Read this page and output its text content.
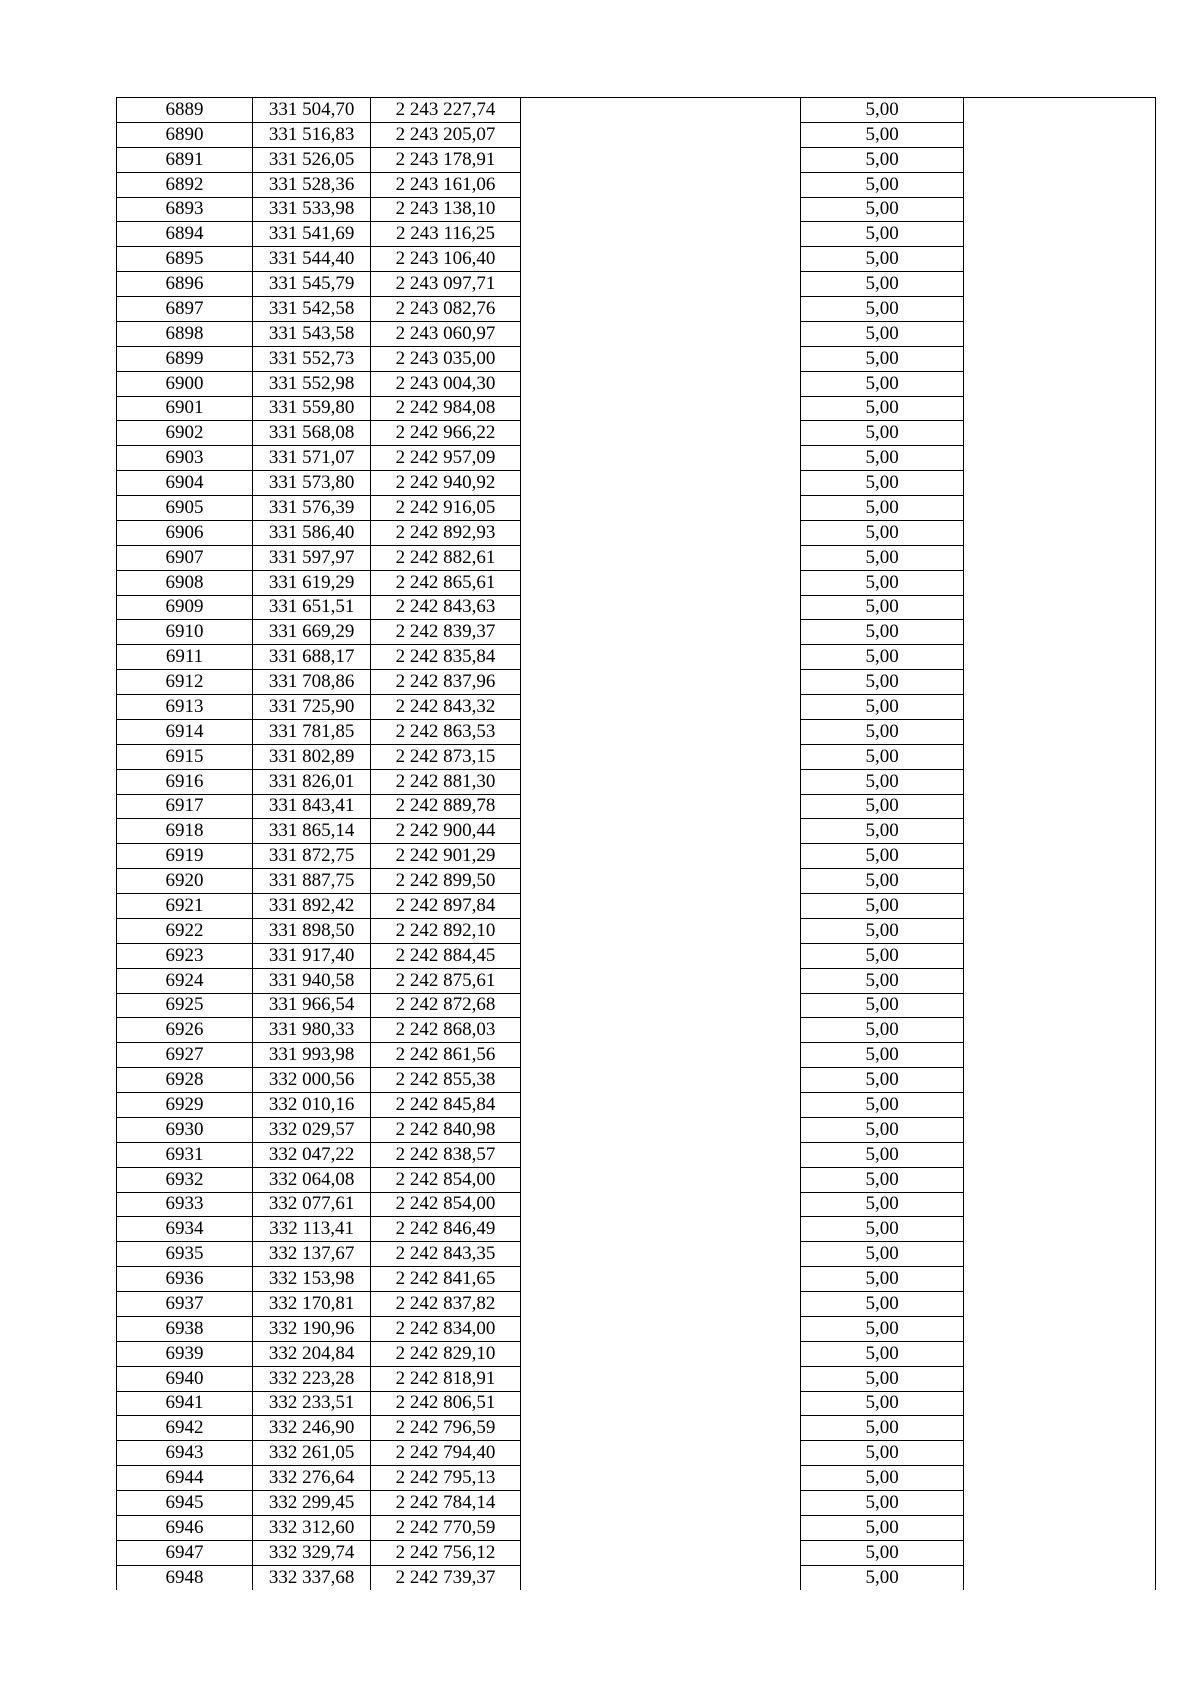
6889	331 504,70	2 243 227,74		5,00	
6890	331 516,83	2 243 205,07		5,00	
6891	331 526,05	2 243 178,91		5,00	
6892	331 528,36	2 243 161,06		5,00	
6893	331 533,98	2 243 138,10		5,00	
6894	331 541,69	2 243 116,25		5,00	
6895	331 544,40	2 243 106,40		5,00	
6896	331 545,79	2 243 097,71		5,00	
6897	331 542,58	2 243 082,76		5,00	
6898	331 543,58	2 243 060,97		5,00	
6899	331 552,73	2 243 035,00		5,00	
6900	331 552,98	2 243 004,30		5,00	
6901	331 559,80	2 242 984,08		5,00	
6902	331 568,08	2 242 966,22		5,00	
6903	331 571,07	2 242 957,09		5,00	
6904	331 573,80	2 242 940,92		5,00	
6905	331 576,39	2 242 916,05		5,00	
6906	331 586,40	2 242 892,93		5,00	
6907	331 597,97	2 242 882,61		5,00	
6908	331 619,29	2 242 865,61		5,00	
6909	331 651,51	2 242 843,63		5,00	
6910	331 669,29	2 242 839,37		5,00	
6911	331 688,17	2 242 835,84		5,00	
6912	331 708,86	2 242 837,96		5,00	
6913	331 725,90	2 242 843,32		5,00	
6914	331 781,85	2 242 863,53		5,00	
6915	331 802,89	2 242 873,15		5,00	
6916	331 826,01	2 242 881,30		5,00	
6917	331 843,41	2 242 889,78		5,00	
6918	331 865,14	2 242 900,44		5,00	
6919	331 872,75	2 242 901,29		5,00	
6920	331 887,75	2 242 899,50		5,00	
6921	331 892,42	2 242 897,84		5,00	
6922	331 898,50	2 242 892,10		5,00	
6923	331 917,40	2 242 884,45		5,00	
6924	331 940,58	2 242 875,61		5,00	
6925	331 966,54	2 242 872,68		5,00	
6926	331 980,33	2 242 868,03		5,00	
6927	331 993,98	2 242 861,56		5,00	
6928	332 000,56	2 242 855,38		5,00	
6929	332 010,16	2 242 845,84		5,00	
6930	332 029,57	2 242 840,98		5,00	
6931	332 047,22	2 242 838,57		5,00	
6932	332 064,08	2 242 854,00		5,00	
6933	332 077,61	2 242 854,00		5,00	
6934	332 113,41	2 242 846,49		5,00	
6935	332 137,67	2 242 843,35		5,00	
6936	332 153,98	2 242 841,65		5,00	
6937	332 170,81	2 242 837,82		5,00	
6938	332 190,96	2 242 834,00		5,00	
6939	332 204,84	2 242 829,10		5,00	
6940	332 223,28	2 242 818,91		5,00	
6941	332 233,51	2 242 806,51		5,00	
6942	332 246,90	2 242 796,59		5,00	
6943	332 261,05	2 242 794,40		5,00	
6944	332 276,64	2 242 795,13		5,00	
6945	332 299,45	2 242 784,14		5,00	
6946	332 312,60	2 242 770,59		5,00	
6947	332 329,74	2 242 756,12		5,00	
6948	332 337,68	2 242 739,37		5,00	
